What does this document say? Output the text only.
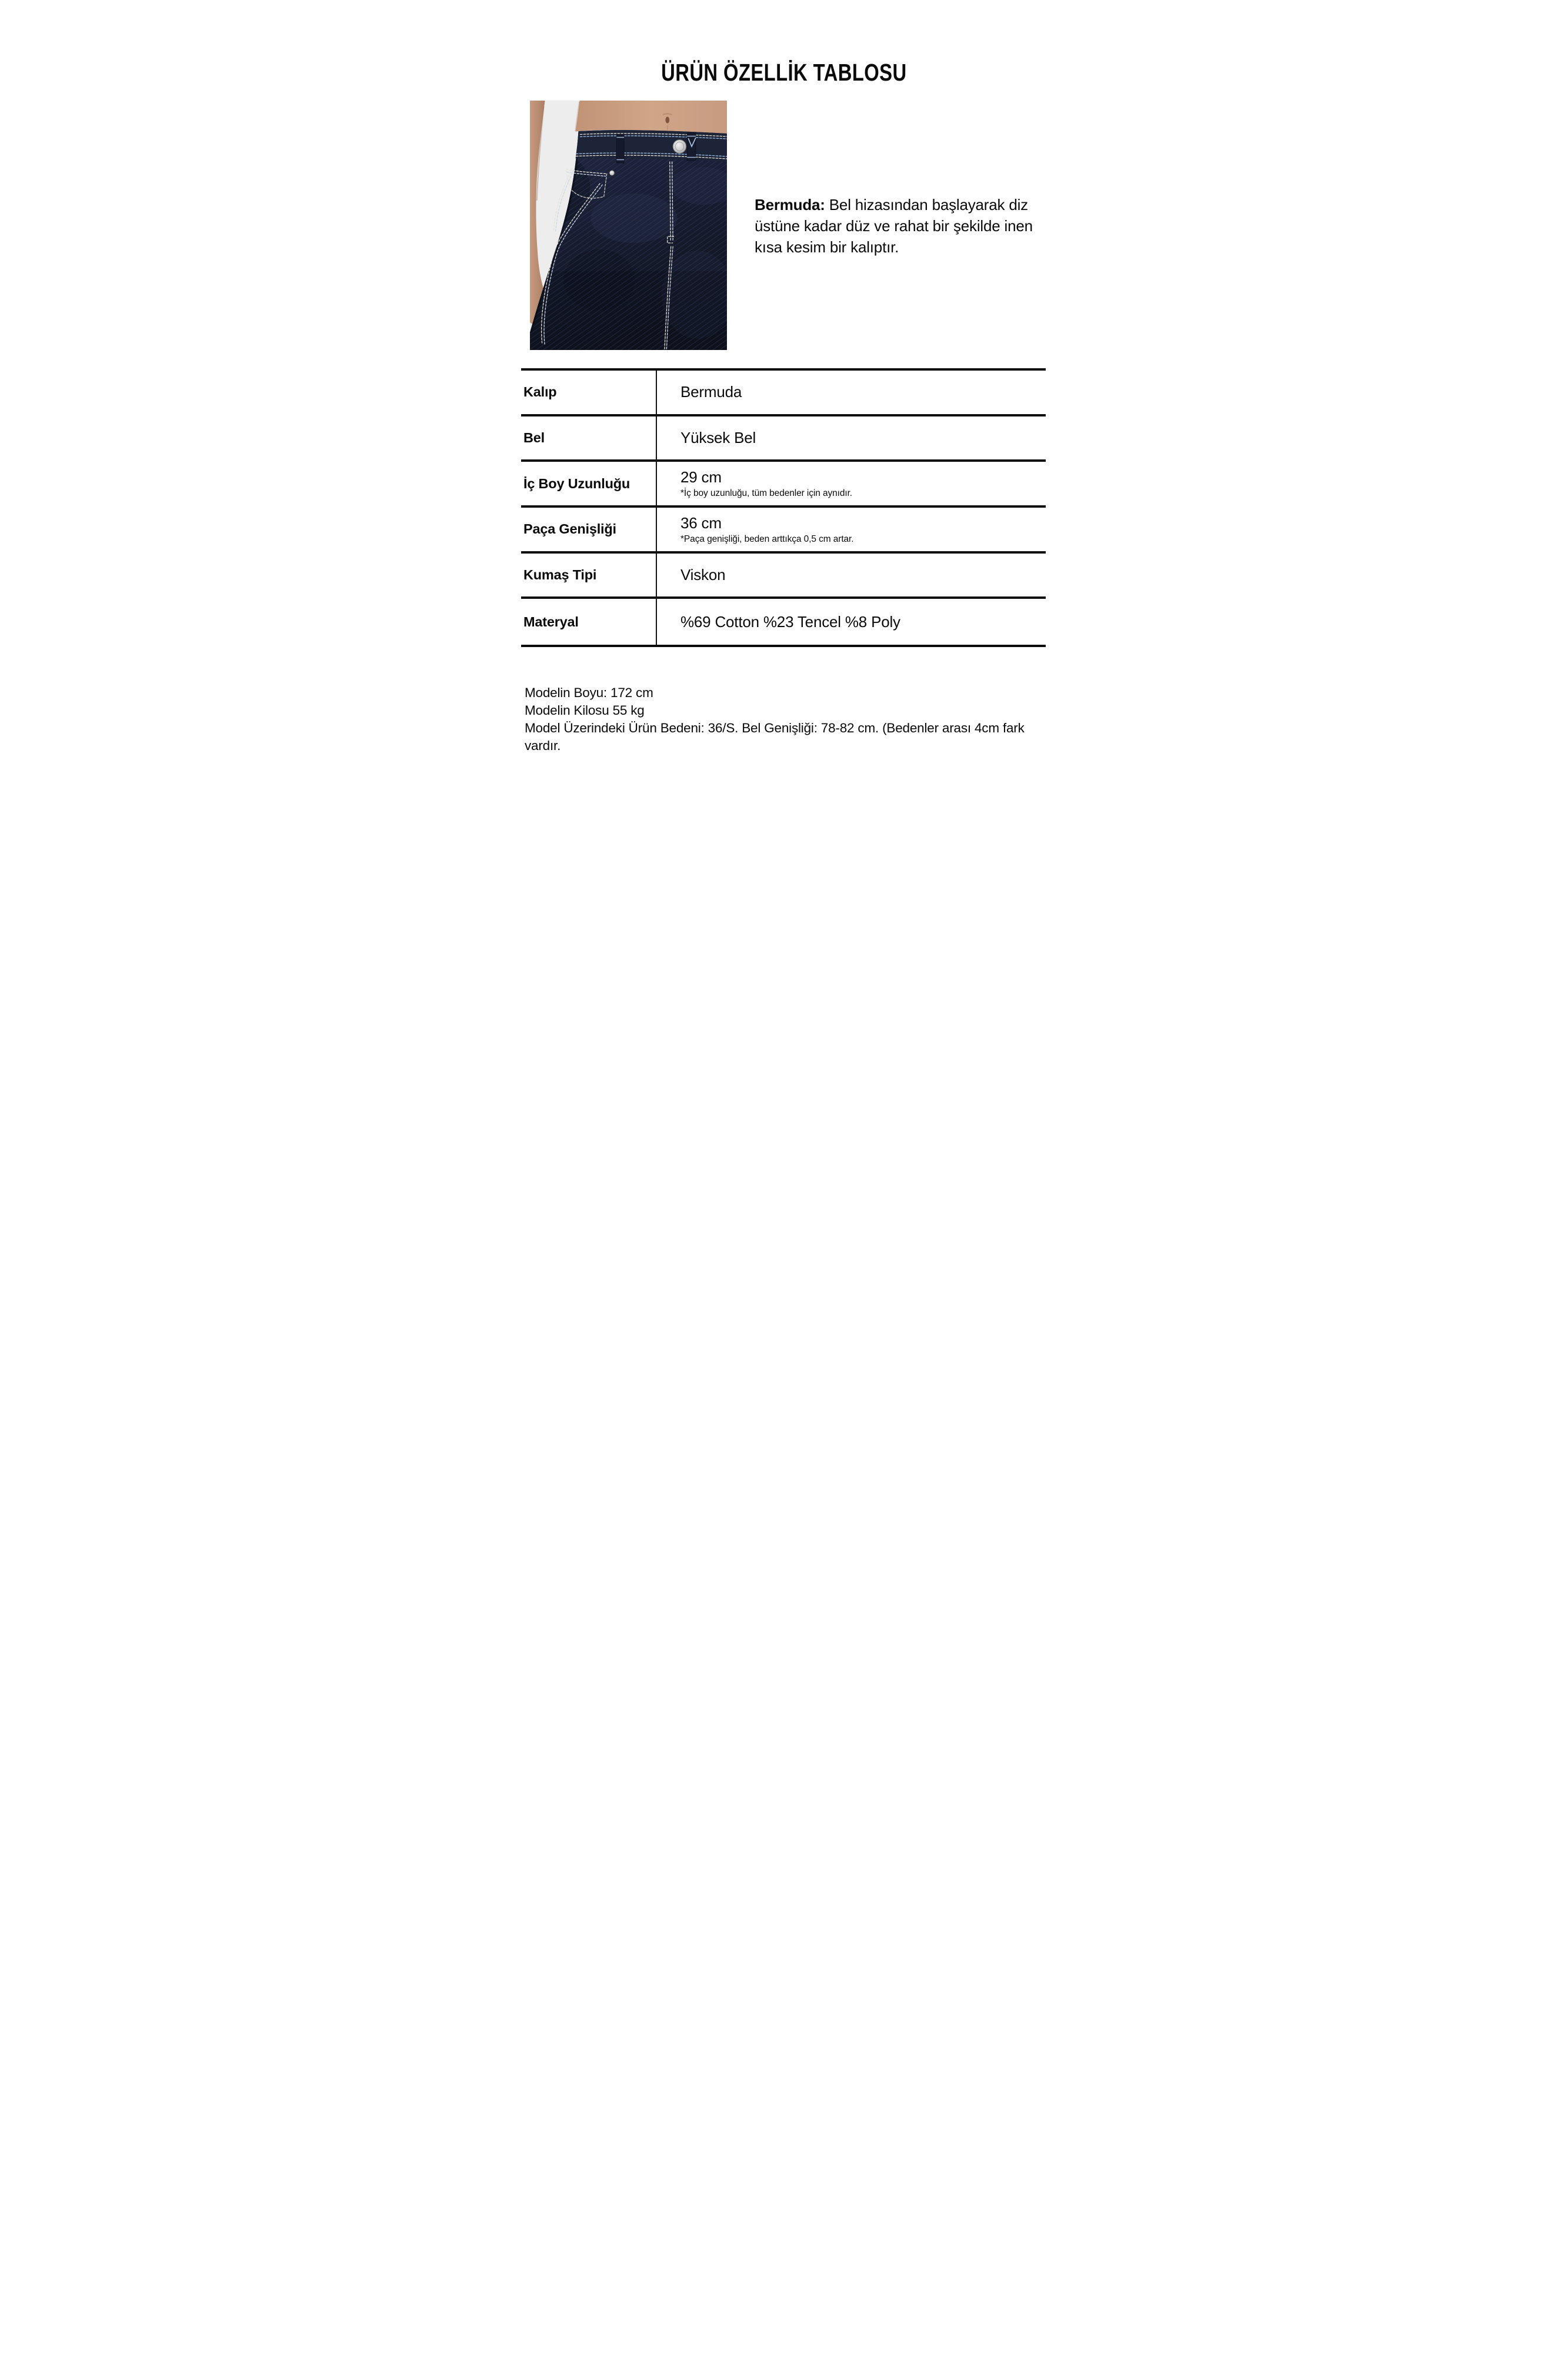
ÜRÜN ÖZELLİK TABLOSU
Bermuda: Bel hizasından başlayarak diz üstüne kadar düz ve rahat bir şekilde inen kısa kesim bir kalıptır.
Kalıp	Bermuda
Bel	Yüksek Bel
İç Boy Uzunluğu	29 cm
*İç boy uzunluğu, tüm bedenler için aynıdır.
Paça Genişliği	36 cm
*Paça genişliği, beden arttıkça 0,5 cm artar.
Kumaş Tipi	Viskon
Materyal	%69 Cotton %23 Tencel %8 Poly

Modelin Boyu: 172 cm

Modelin Kilosu 55 kg

Model Üzerindeki Ürün Bedeni: 36/S. Bel Genişliği: 78-82 cm. (Bedenler arası 4cm fark vardır.
